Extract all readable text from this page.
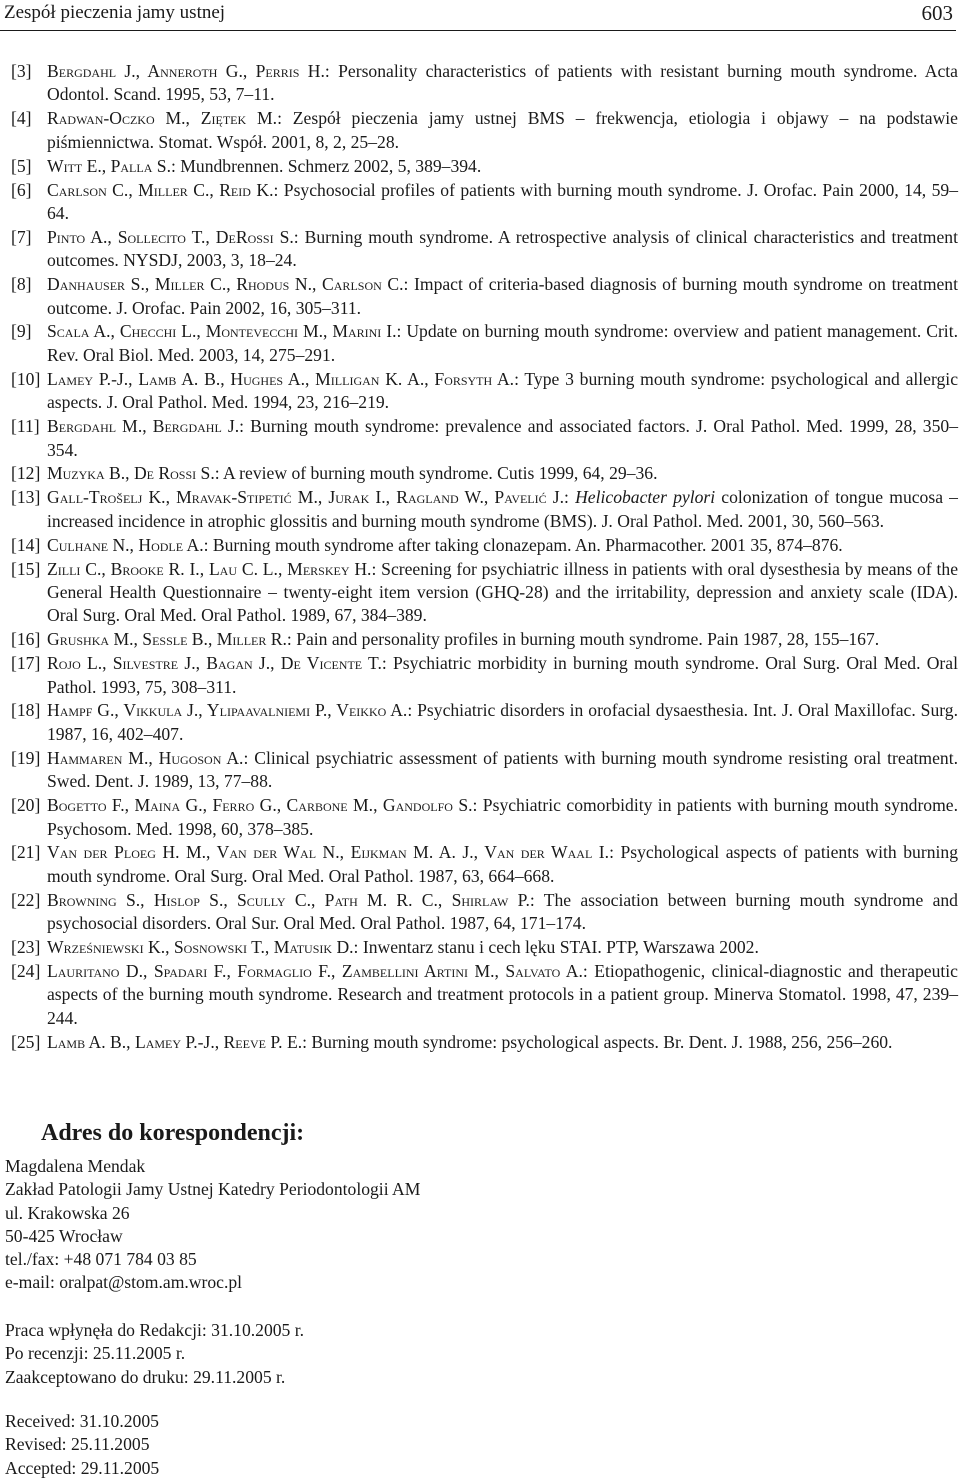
Zespół pieczenia jamy ustnej	603
[3] Bergdahl J., Anneroth G., Perris H.: Personality characteristics of patients with resistant burning mouth syndrome. Acta Odontol. Scand. 1995, 53, 7–11.
[4] Radwan-Oczko M., Ziętek M.: Zespół pieczenia jamy ustnej BMS – frekwencja, etiologia i objawy – na podstawie piśmiennictwa. Stomat. Współ. 2001, 8, 2, 25–28.
[5] Witt E., Palla S.: Mundbrennen. Schmerz 2002, 5, 389–394.
[6] Carlson C., Miller C., Reid K.: Psychosocial profiles of patients with burning mouth syndrome. J. Orofac. Pain 2000, 14, 59–64.
[7] Pinto A., Sollecito T., DeRossi S.: Burning mouth syndrome. A retrospective analysis of clinical characteristics and treatment outcomes. NYSDJ, 2003, 3, 18–24.
[8] Danhauser S., Miller C., Rhodus N., Carlson C.: Impact of criteria-based diagnosis of burning mouth syndrome on treatment outcome. J. Orofac. Pain 2002, 16, 305–311.
[9] Scala A., Checchi L., Montevecchi M., Marini I.: Update on burning mouth syndrome: overview and patient management. Crit. Rev. Oral Biol. Med. 2003, 14, 275–291.
[10] Lamey P.-J., Lamb A. B., Hughes A., Milligan K. A., Forsyth A.: Type 3 burning mouth syndrome: psychological and allergic aspects. J. Oral Pathol. Med. 1994, 23, 216–219.
[11] Bergdahl M., Bergdahl J.: Burning mouth syndrome: prevalence and associated factors. J. Oral Pathol. Med. 1999, 28, 350–354.
[12] Muzyka B., De Rossi S.: A review of burning mouth syndrome. Cutis 1999, 64, 29–36.
[13] Gall-Trošelj K., Mravak-Stipetić M., Jurak I., Ragland W., Pavelić J.: Helicobacter pylori colonization of tongue mucosa – increased incidence in atrophic glossitis and burning mouth syndrome (BMS). J. Oral Pathol. Med. 2001, 30, 560–563.
[14] Culhane N., Hodle A.: Burning mouth syndrome after taking clonazepam. An. Pharmacother. 2001 35, 874–876.
[15] Zilli C., Brooke R. I., Lau C. L., Merskey H.: Screening for psychiatric illness in patients with oral dysesthesia by means of the General Health Questionnaire – twenty-eight item version (GHQ-28) and the irritability, depression and anxiety scale (IDA). Oral Surg. Oral Med. Oral Pathol. 1989, 67, 384–389.
[16] Grushka M., Sessle B., Miller R.: Pain and personality profiles in burning mouth syndrome. Pain 1987, 28, 155–167.
[17] Rojo L., Silvestre J., Bagan J., De Vicente T.: Psychiatric morbidity in burning mouth syndrome. Oral Surg. Oral Med. Oral Pathol. 1993, 75, 308–311.
[18] Hampf G., Vikkula J., Ylipaavalniemi P., Veikko A.: Psychiatric disorders in orofacial dysaesthesia. Int. J. Oral Maxillofac. Surg. 1987, 16, 402–407.
[19] Hammaren M., Hugoson A.: Clinical psychiatric assessment of patients with burning mouth syndrome resisting oral treatment. Swed. Dent. J. 1989, 13, 77–88.
[20] Bogetto F., Maina G., Ferro G., Carbone M., Gandolfo S.: Psychiatric comorbidity in patients with burning mouth syndrome. Psychosom. Med. 1998, 60, 378–385.
[21] Van der Ploeg H. M., Van der Wal N., Eijkman M. A. J., Van der Waal I.: Psychological aspects of patients with burning mouth syndrome. Oral Surg. Oral Med. Oral Pathol. 1987, 63, 664–668.
[22] Browning S., Hislop S., Scully C., Path M. R. C., Shirlaw P.: The association between burning mouth syndrome and psychosocial disorders. Oral Sur. Oral Med. Oral Pathol. 1987, 64, 171–174.
[23] Wrześniewski K., Sosnowski T., Matusik D.: Inwentarz stanu i cech lęku STAI. PTP, Warszawa 2002.
[24] Lauritano D., Spadari F., Formaglio F., Zambellini Artini M., Salvato A.: Etiopathogenic, clinical-diagnostic and therapeutic aspects of the burning mouth syndrome. Research and treatment protocols in a patient group. Minerva Stomatol. 1998, 47, 239–244.
[25] Lamb A. B., Lamey P.-J., Reeve P. E.: Burning mouth syndrome: psychological aspects. Br. Dent. J. 1988, 256, 256–260.
Adres do korespondencji:
Magdalena Mendak
Zakład Patologii Jamy Ustnej Katedry Periodontologii AM
ul. Krakowska 26
50-425 Wrocław
tel./fax: +48 071 784 03 85
e-mail: oralpat@stom.am.wroc.pl
Praca wpłynęła do Redakcji: 31.10.2005 r.
Po recenzji: 25.11.2005 r.
Zaakceptowano do druku: 29.11.2005 r.
Received: 31.10.2005
Revised: 25.11.2005
Accepted: 29.11.2005
